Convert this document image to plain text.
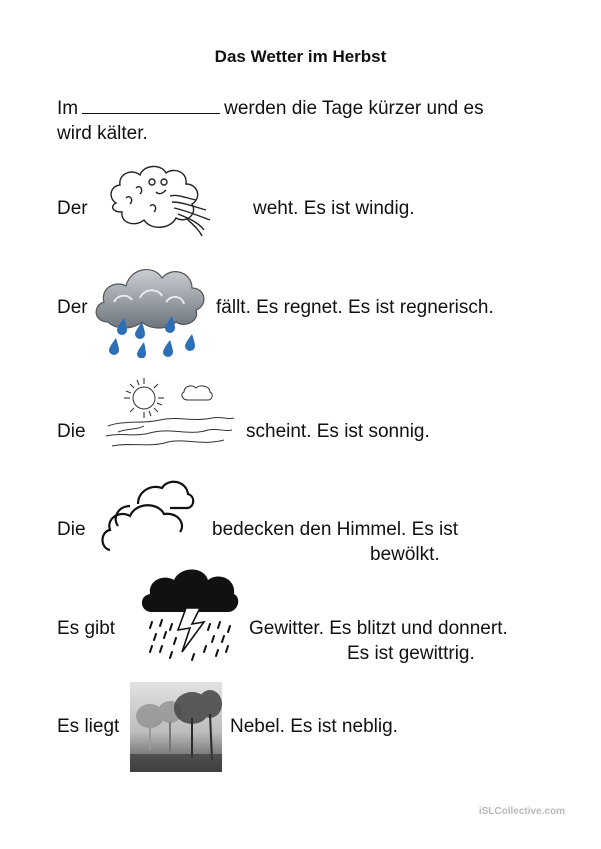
Das Wetter im Herbst
Im	werden die Tage kürzer und es
wird kälter.
Der	weht. Es ist windig.
Der	fällt. Es regnet. Es ist regnerisch.
Die	scheint. Es ist sonnig.
Die	bedecken den Himmel. Es ist
bewölkt.
Es gibt	Gewitter. Es blitzt und donnert.
Es ist gewittrig.
Es liegt	Nebel. Es ist neblig.
iSLCollective.com
